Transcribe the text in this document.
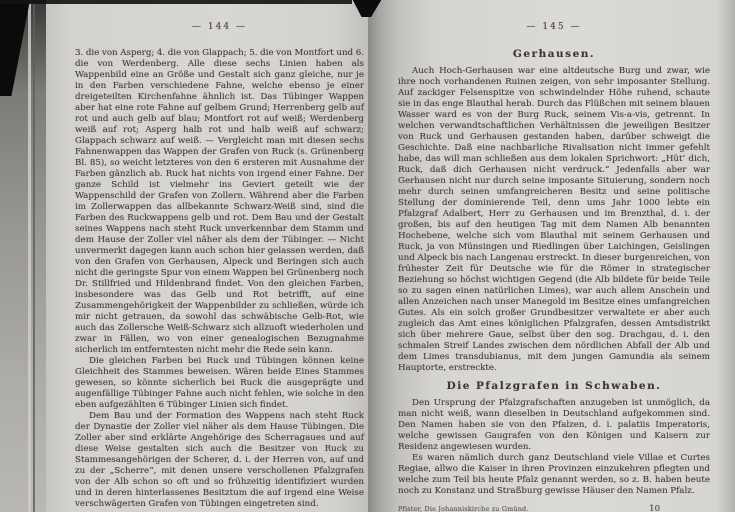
— 144 —

3. die von Asperg; 4. die von Glappach; 5. die von Montfort und 6. die von Werdenberg. Alle diese sechs Linien haben als Wappenbild eine an Größe und Gestalt sich ganz gleiche, nur je in den Farben verschiedene Fahne, welche ebenso je einer dreigeteilten Kirchenfahne ähnlich ist. Das Tübinger Wappen aber hat eine rote Fahne auf gelbem Grund; Herrenberg gelb auf rot und auch gelb auf blau; Montfort rot auf weiß; Werdenberg weiß auf rot; Asperg halb rot und halb weiß auf schwarz; Glappach schwarz auf weiß. — Vergleicht man mit diesen sechs Fahnenwappen das Wappen der Grafen von Ruck (s. Grünenberg Bl. 85), so weicht letzteres von den 6 ersteren mit Ausnahme der Farben gänzlich ab. Ruck hat nichts von irgend einer Fahne. Der ganze Schild ist vielmehr ins Geviert geteilt wie der Wappenschild der Grafen von Zollern. Während aber die Farben im Zollerwappen das allbekannte Schwarz-Weiß sind, sind die Farben des Ruckwappens gelb und rot. Dem Bau und der Gestalt seines Wappens nach steht Ruck unverkennbar dem Stamm und dem Hause der Zoller viel näher als dem der Tübinger. — Nicht unvermerkt dagegen kann auch schon hier gelassen werden, daß von den Grafen von Gerhausen, Alpeck und Beringen sich auch nicht die geringste Spur von einem Wappen bei Grünenberg noch Dr. Stillfried und Hildenbrand findet. Von den gleichen Farben, insbesondere was das Gelb und Rot betrifft, auf eine Zusammengehörigkeit der Wappenbilder zu schließen, würde ich mir nicht getrauen, da sowohl das schwäbische Gelb-Rot, wie auch das Zollersche Weiß-Schwarz sich allzuoft wiederholen und zwar in Fällen, wo von einer genealogischen Bezugnahme sicherlich im entferntesten nicht mehr die Rede sein kann.

Die gleichen Farben bei Ruck und Tübingen können keine Gleichheit des Stammes beweisen. Wären beide Eines Stammes gewesen, so könnte sicherlich bei Ruck die ausgeprägte und augenfällige Tübinger Fahne auch nicht fehlen, wie solche in den eben aufgezählten 6 Tübinger Linien sich findet.

Dem Bau und der Formation des Wappens nach steht Ruck der Dynastie der Zoller viel näher als dem Hause Tübingen. Die Zoller aber sind erklärte Angehörige des Scherragaues und auf diese Weise gestalten sich auch die Besitzer von Ruck zu Stammesangehörigen der Scherer, d. i. der Herren von, auf und zu der „Scherre“, mit denen unsere verschollenen Pfalzgrafen von der Alb schon so oft und so frühzeitig identifiziert wurden und in deren hinterlassenes Besitztum die auf irgend eine Weise verschwägerten Grafen von Tübingen eingetreten sind.

— 145 —
Gerhausen.

Auch Hoch-Gerhausen war eine altdeutsche Burg und zwar, wie ihre noch vorhandenen Ruinen zeigen, von sehr imposanter Stellung. Auf zackiger Felsenspitze von schwindelnder Höhe ruhend, schaute sie in das enge Blauthal herab. Durch das Flüßchen mit seinem blauen Wasser ward es von der Burg Ruck, seinem Vis-a-vis, getrennt. In welchen verwandtschaftlichen Verhältnissen die jeweiligen Besitzer von Ruck und Gerhausen gestanden haben, darüber schweigt die Geschichte. Daß eine nachbarliche Rivalisation nicht immer gefehlt habe, das will man schließen aus dem lokalen Sprichwort: „Hüt’ dich, Ruck, daß dich Gerhausen nicht verdruck.“ Jedenfalls aber war Gerhausen nicht nur durch seine imposante Situierung, sondern noch mehr durch seinen umfangreicheren Besitz und seine politische Stellung der dominierende Teil, denn ums Jahr 1000 lebte ein Pfalzgraf Adalbert, Herr zu Gerhausen und im Brenzthal, d. i. der großen, bis auf den heutigen Tag mit dem Namen Alb benannten Hochebene, welche sich vom Blauthal mit seinem Gerhausen und Ruck, ja von Münsingen und Riedlingen über Laichingen, Geislingen und Alpeck bis nach Langenau erstreckt. In dieser burgenreichen, von frühester Zeit für Deutsche wie für die Römer in strategischer Beziehung so höchst wichtigen Gegend (die Alb bildete für beide Teile so zu sagen einen natürlichen Limes), war auch allem Anschein und allen Anzeichen nach unser Manegold im Besitze eines umfangreichen Gutes. Als ein solch großer Grundbesitzer verwaltete er aber auch zugleich das Amt eines königlichen Pfalzgrafen, dessen Amtsdistrikt sich über mehrere Gaue, selbst über den sog. Drachgau, d. i. den schmalen Streif Landes zwischen dem nördlichen Abfall der Alb und dem Limes transdubianus, mit dem jungen Gamundia als seinem Hauptorte, erstreckte.

Die Pfalzgrafen in Schwaben.

Den Ursprung der Pfalzgrafschaften anzugeben ist unmöglich, da man nicht weiß, wann dieselben in Deutschland aufgekommen sind. Den Namen haben sie von den Pfalzen, d. i. palatiis Imperatoris, welche gewissen Gaugrafen von den Königen und Kaisern zur Residenz angewiesen wurden.

Es waren nämlich durch ganz Deutschland viele Villae et Curtes Regiae, allwo die Kaiser in ihren Provinzen einzukehren pflegten und welche zum Teil bis heute Pfalz genannt werden, so z. B. haben heute noch zu Konstanz und Straßburg gewisse Häuser den Namen Pfalz.

Pfister, Die Johanniskirche zu Gmünd.	10
